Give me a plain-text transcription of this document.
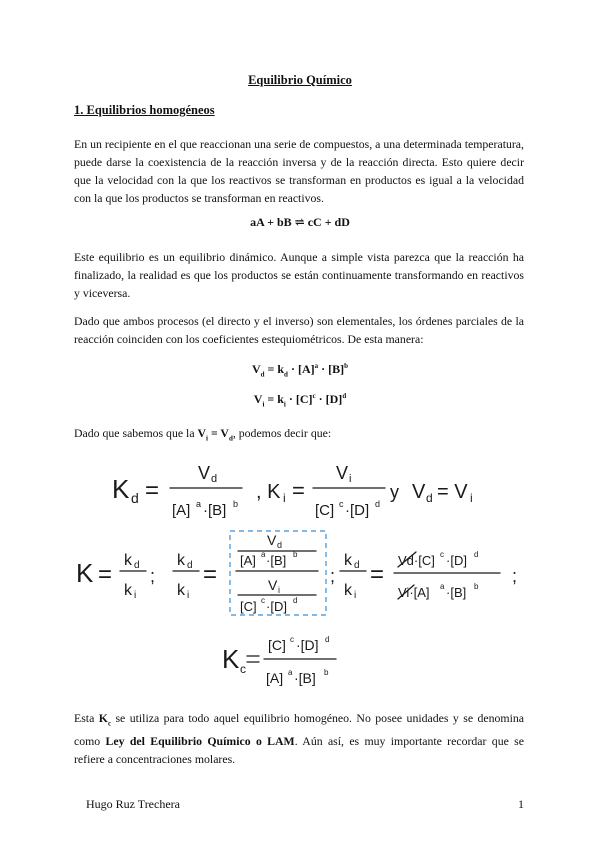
Equilibrio Químico
1. Equilibrios homogéneos
En un recipiente en el que reaccionan una serie de compuestos, a una determinada temperatura, puede darse la coexistencia de la reacción inversa y de la reacción directa. Esto quiere decir que la velocidad con la que los reactivos se transforman en productos es igual a la velocidad con la que los productos se transforman en reactivos.
aA + bB ⇌ cC + dD
Este equilibrio es un equilibrio dinámico. Aunque a simple vista parezca que la reacción ha finalizado, la realidad es que los productos se están continuamente transformando en reactivos y viceversa.
Dado que ambos procesos (el directo y el inverso) son elementales, los órdenes parciales de la reacción coinciden con los coeficientes estequiométricos. De esta manera:
$V_d = k_d \cdot [A]^a \cdot [B]^b$
$V_i = k_i \cdot [C]^c \cdot [D]^d$
Dado que sabemos que la $V_i = V_d$, podemos decir que:
K d =
V d
[A] a ·[B] b
, K i =
V i
[C] c ·[D] d
y V d = V i
K =
k d
k i
;
k d
k i
=
V d
[A] a ·[B] b
V i
[C] c ·[D] d
;
k d
k i
=
Vd·[C] c ·[D] d
Vi·[A] a ·[B] b
;
K c
[C] c ·[D] d
[A] a ·[B] b
Esta $K_c$ se utiliza para todo aquel equilibrio homogéneo. No posee unidades y se denomina como Ley del Equilibrio Químico o LAM. Aún así, es muy importante recordar que se refiere a concentraciones molares.
Hugo Ruz Trechera	1
